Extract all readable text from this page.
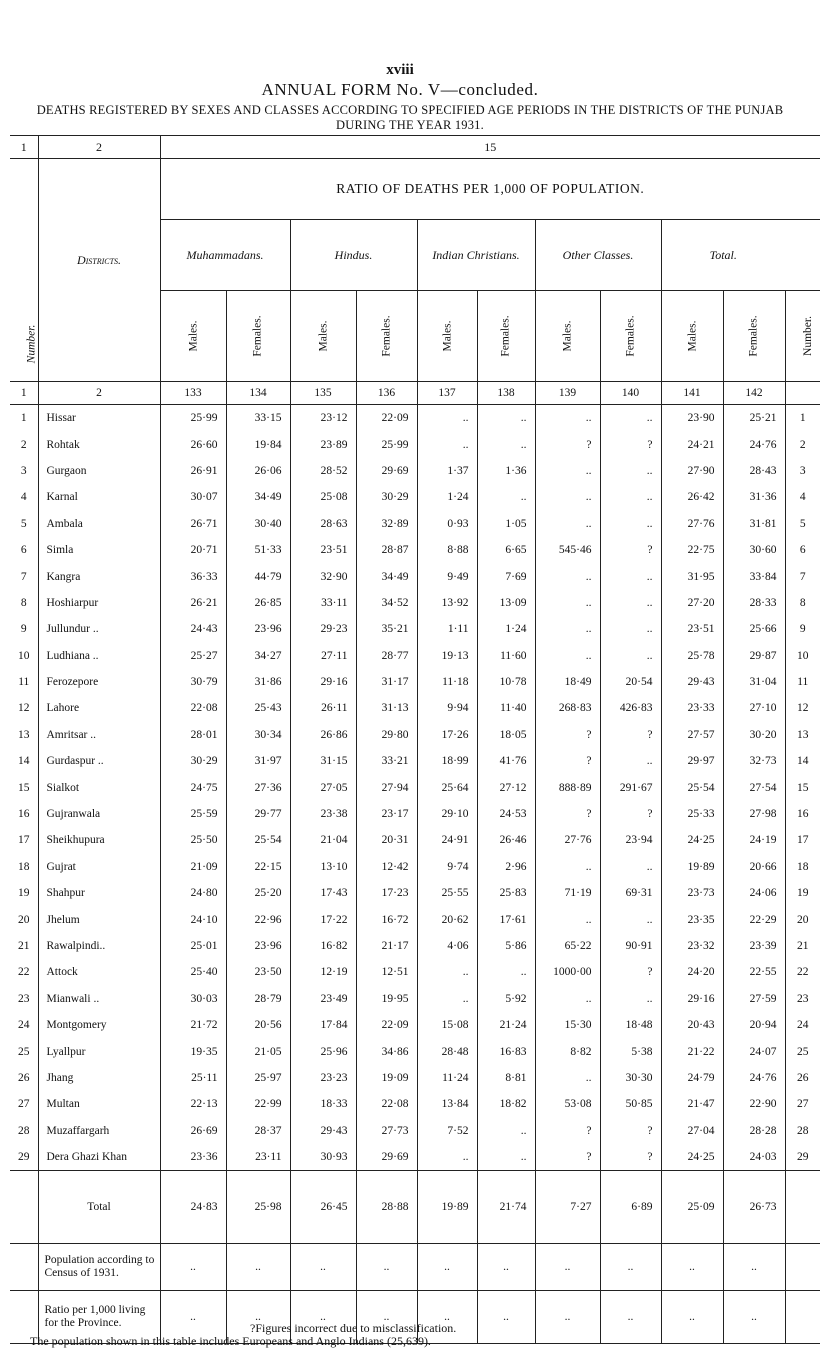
xviii
ANNUAL FORM No. V—concluded.
DEATHS REGISTERED BY SEXES AND CLASSES ACCORDING TO SPECIFIED AGE PERIODS IN THE DISTRICTS OF THE PUNJAB DURING THE YEAR 1931.
1	2	15										
		RATIO OF DEATHS PER 1,000 OF POPULATION.										
Number.	Districts.	Muhammadans.		Hindus.		Indian Christians.		Other Classes.		Total.		
		Males.	Females.	Males.	Females.	Males.	Females.	Males.	Females.	Males.	Females.	Number.
1	2	133	134	135	136	137	138	139	140	141	142	
1	Hissar	25·99	33·15	23·12	22·09	..	..	..	..	23·90	25·21	1
2	Rohtak	26·60	19·84	23·89	25·99	..	..	?	?	24·21	24·76	2
3	Gurgaon	26·91	26·06	28·52	29·69	1·37	1·36	..	..	27·90	28·43	3
4	Karnal	30·07	34·49	25·08	30·29	1·24	..	..	..	26·42	31·36	4
5	Ambala	26·71	30·40	28·63	32·89	0·93	1·05	..	..	27·76	31·81	5
6	Simla	20·71	51·33	23·51	28·87	8·88	6·65	545·46	?	22·75	30·60	6
7	Kangra	36·33	44·79	32·90	34·49	9·49	7·69	..	..	31·95	33·84	7
8	Hoshiarpur	26·21	26·85	33·11	34·52	13·92	13·09	..	..	27·20	28·33	8
9	Jullundur ..	24·43	23·96	29·23	35·21	1·11	1·24	..	..	23·51	25·66	9
10	Ludhiana ..	25·27	34·27	27·11	28·77	19·13	11·60	..	..	25·78	29·87	10
11	Ferozepore	30·79	31·86	29·16	31·17	11·18	10·78	18·49	20·54	29·43	31·04	11
12	Lahore	22·08	25·43	26·11	31·13	9·94	11·40	268·83	426·83	23·33	27·10	12
13	Amritsar ..	28·01	30·34	26·86	29·80	17·26	18·05	?	?	27·57	30·20	13
14	Gurdaspur ..	30·29	31·97	31·15	33·21	18·99	41·76	?	..	29·97	32·73	14
15	Sialkot	24·75	27·36	27·05	27·94	25·64	27·12	888·89	291·67	25·54	27·54	15
16	Gujranwala	25·59	29·77	23·38	23·17	29·10	24·53	?	?	25·33	27·98	16
17	Sheikhupura	25·50	25·54	21·04	20·31	24·91	26·46	27·76	23·94	24·25	24·19	17
18	Gujrat	21·09	22·15	13·10	12·42	9·74	2·96	..	..	19·89	20·66	18
19	Shahpur	24·80	25·20	17·43	17·23	25·55	25·83	71·19	69·31	23·73	24·06	19
20	Jhelum	24·10	22·96	17·22	16·72	20·62	17·61	..	..	23·35	22·29	20
21	Rawalpindi..	25·01	23·96	16·82	21·17	4·06	5·86	65·22	90·91	23·32	23·39	21
22	Attock	25·40	23·50	12·19	12·51	..	..	1000·00	?	24·20	22·55	22
23	Mianwali ..	30·03	28·79	23·49	19·95	..	5·92	..	..	29·16	27·59	23
24	Montgomery	21·72	20·56	17·84	22·09	15·08	21·24	15·30	18·48	20·43	20·94	24
25	Lyallpur	19·35	21·05	25·96	34·86	28·48	16·83	8·82	5·38	21·22	24·07	25
26	Jhang	25·11	25·97	23·23	19·09	11·24	8·81	..	30·30	24·79	24·76	26
27	Multan	22·13	22·99	18·33	22·08	13·84	18·82	53·08	50·85	21·47	22·90	27
28	Muzaffargarh	26·69	28·37	29·43	27·73	7·52	..	?	?	27·04	28·28	28
29	Dera Ghazi Khan	23·36	23·11	30·93	29·69	..	..	?	?	24·25	24·03	29
	Total	24·83	25·98	26·45	28·88	19·89	21·74	7·27	6·89	25·09	26·73	
	Population according to Census of 1931.	..	..	..	..	..	..	..	..	..	..	
	Ratio per 1,000 living for the Province.	..	..	..	..	..	..	..	..	..	..	
?Figures incorrect due to misclassification.
The population shown in this table includes Europeans and Anglo Indians (25,639).
